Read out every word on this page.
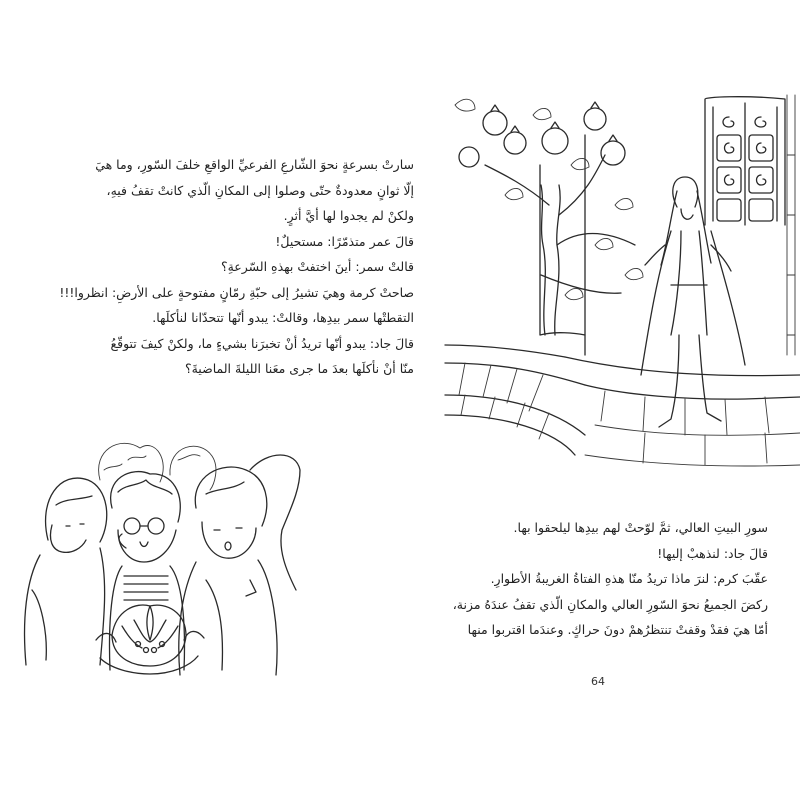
سارتْ بسرعةٍ نحوَ الشّارعِ الفرعيِّ الواقعِ خلفَ السّورِ، وما هيَ

إلّا ثوانٍ معدودةٌ حتّى وصلوا إلى المكانِ الّذي كانتْ تقفُ فيهِ،

ولكنْ لم يجدوا لها أيَّ أثرٍ.

قالَ عمر متذمّرًا: مستحيلٌ!

قالتْ سمر: أينَ اختفتْ بهذهِ السّرعةِ؟

صاحتْ كرمة وهيَ تشيرُ إلى حبّةِ رمّانٍ مفتوحةٍ على الأرضِ: انظروا!!!

التقطتْها سمر بيدِها، وقالتْ: يبدو أنّها تتحدّانا لنأكلَها.

قالَ جاد: يبدو أنّها تريدُ أنْ تخبرَنا بشيءٍ ما، ولكنْ كيفَ تتوقّعُ

منّا أنْ نأكلَها بعدَ ما جرى معَنا الليلةَ الماضيةَ؟

سورِ البيتِ العالي، ثمَّ لوّحتْ لهم بيدِها ليلحقوا بها.

قالَ جاد: لنذهبْ إليها!

عقّبَ كرم: لنرَ ماذا تريدُ منّا هذهِ الفتاةُ الغريبةُ الأطوارِ.

ركضَ الجميعُ نحوَ السّورِ العالي والمكانِ الّذي تقفُ عندَهُ مزنة،

أمّا هيَ فقدْ وقفتْ تنتظرُهمْ دونَ حراكٍ. وعندَما اقتربوا منها

64
